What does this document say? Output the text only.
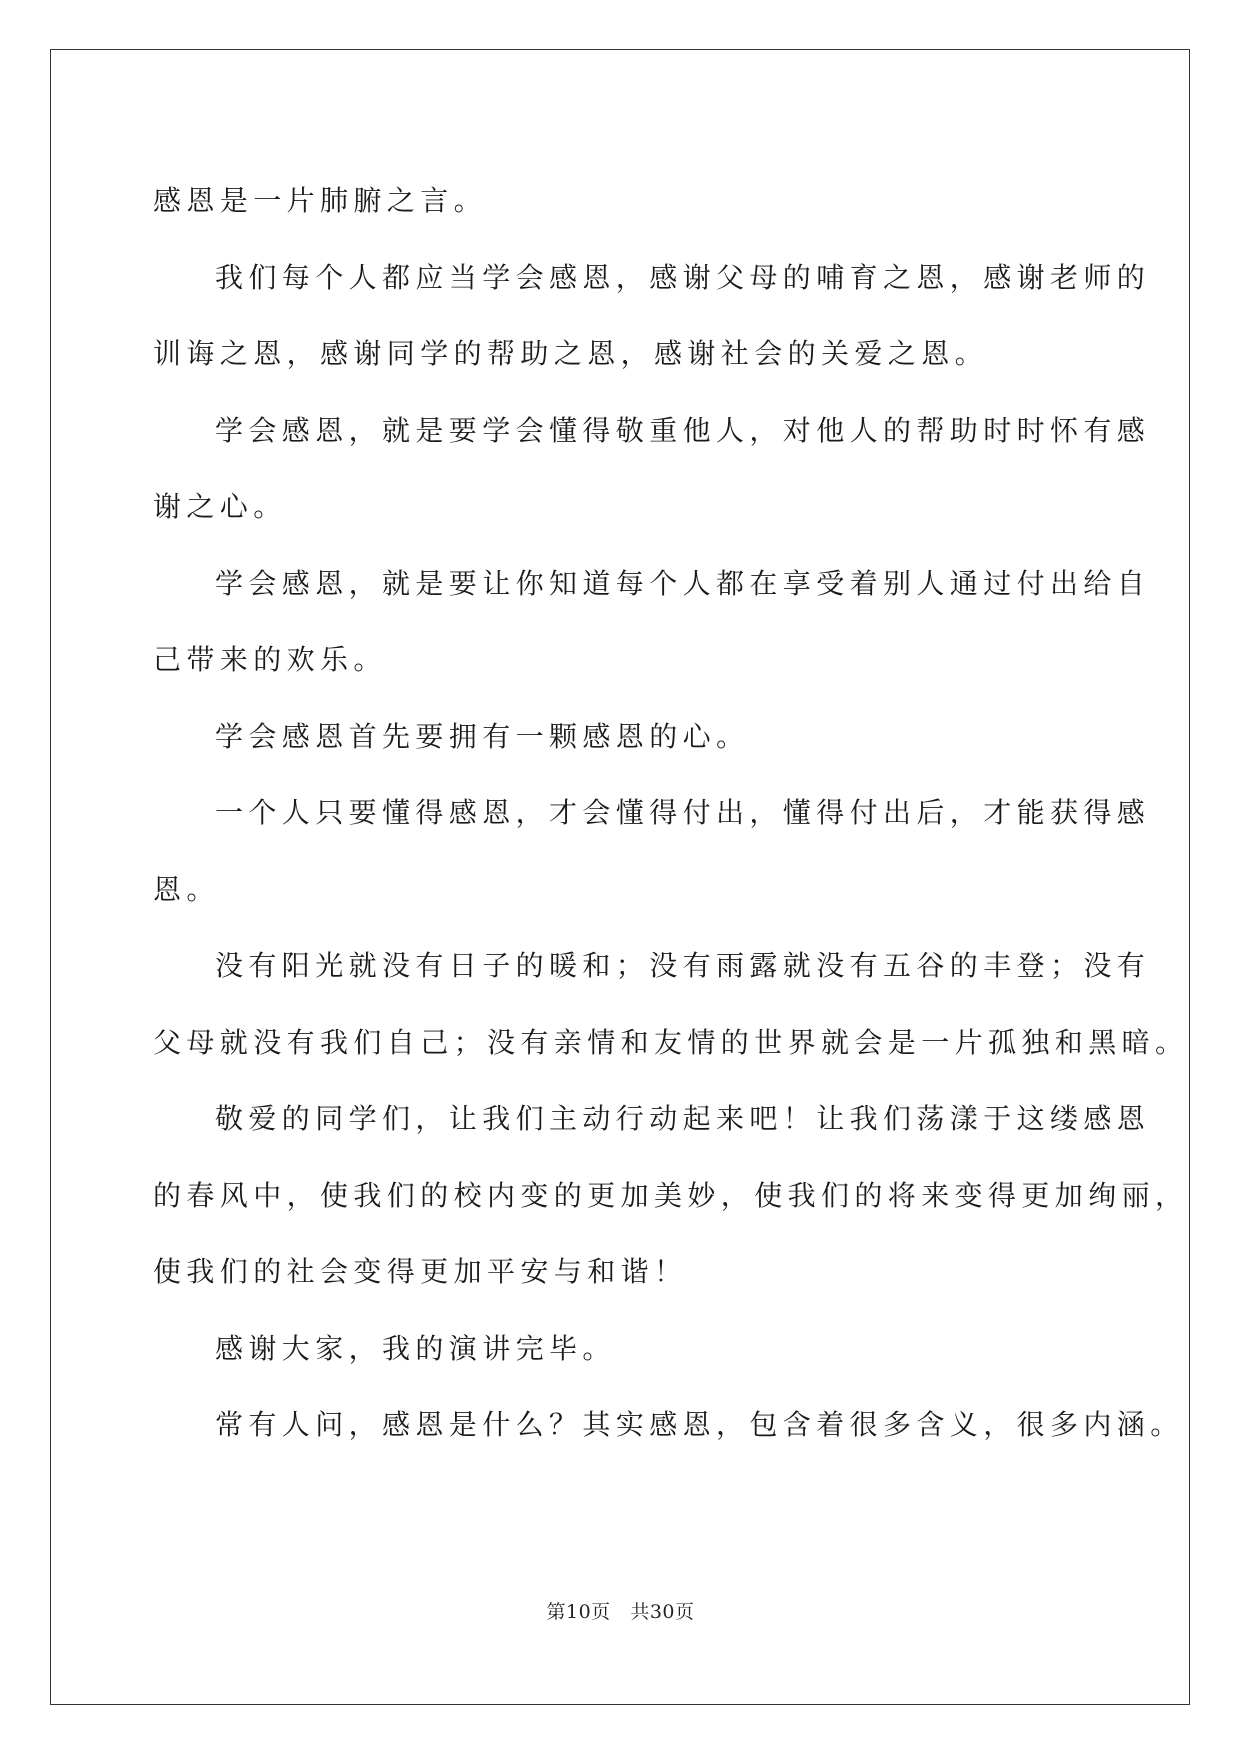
感恩是一片肺腑之言。
我们每个人都应当学会感恩，感谢父母的哺育之恩，感谢老师的
训诲之恩，感谢同学的帮助之恩，感谢社会的关爱之恩。
学会感恩，就是要学会懂得敬重他人，对他人的帮助时时怀有感
谢之心。
学会感恩，就是要让你知道每个人都在享受着别人通过付出给自
己带来的欢乐。
学会感恩首先要拥有一颗感恩的心。
一个人只要懂得感恩，才会懂得付出，懂得付出后，才能获得感
恩。
没有阳光就没有日子的暖和；没有雨露就没有五谷的丰登；没有
父母就没有我们自己；没有亲情和友情的世界就会是一片孤独和黑暗。
敬爱的同学们，让我们主动行动起来吧！让我们荡漾于这缕感恩
的春风中，使我们的校内变的更加美妙，使我们的将来变得更加绚丽，
使我们的社会变得更加平安与和谐！
感谢大家，我的演讲完毕。
常有人问，感恩是什么？其实感恩，包含着很多含义，很多内涵。
第10页 共30页
